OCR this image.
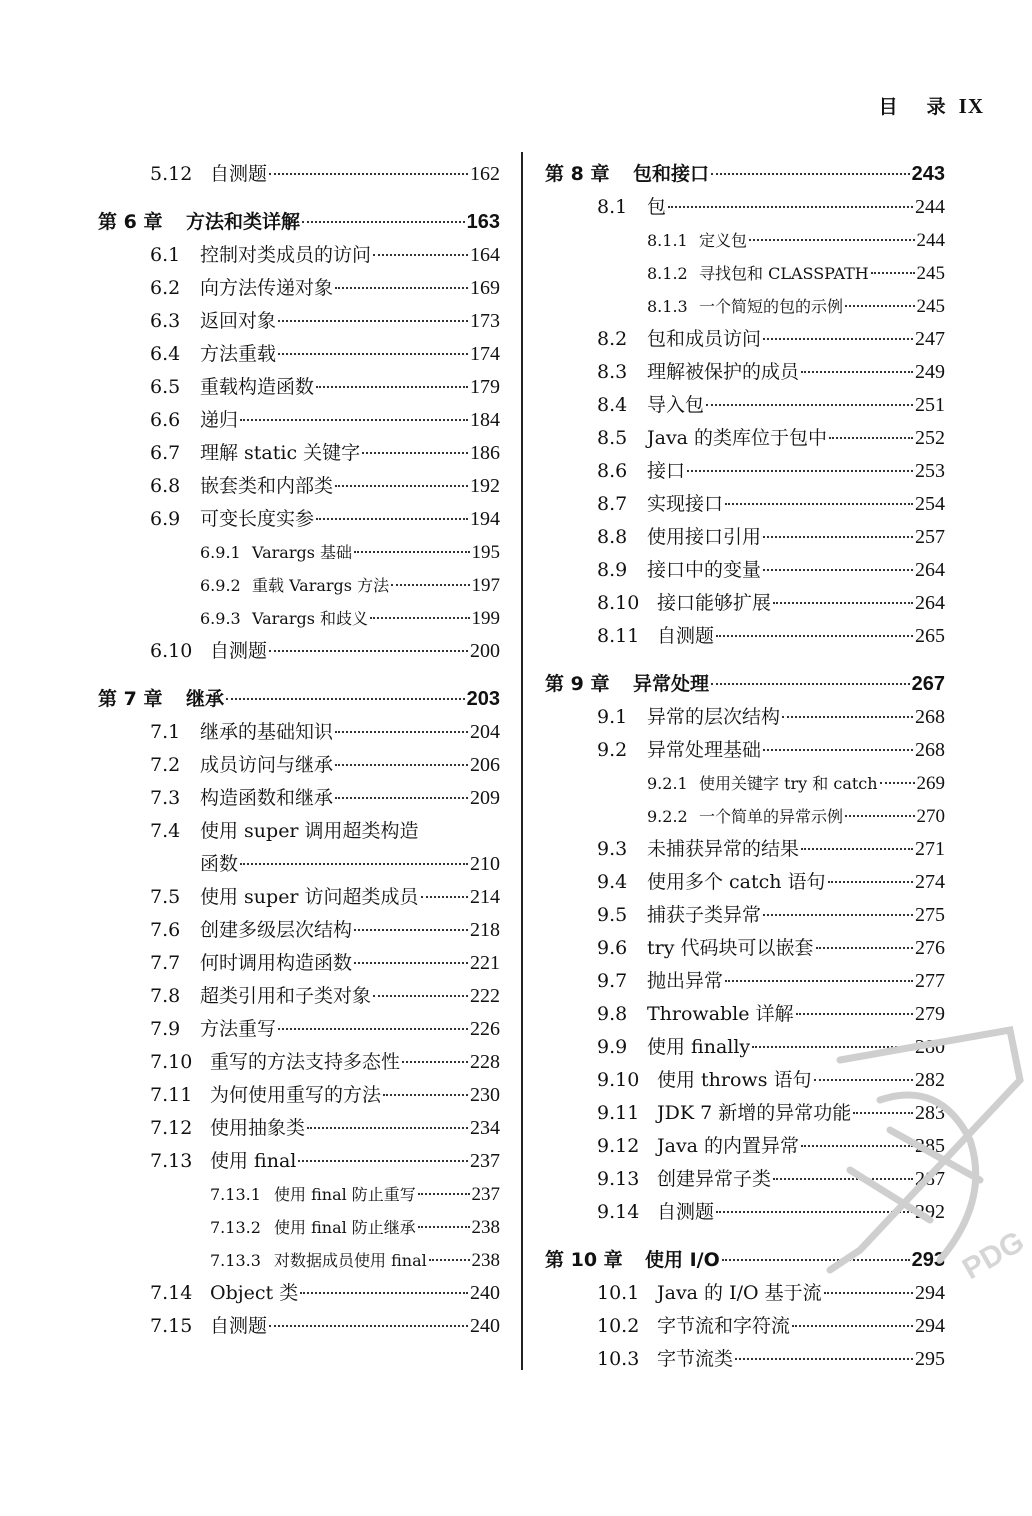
目 录 IX
5.12 自测题	162
第 6 章	方法和类详解	163
6.1	控制对类成员的访问	164
6.2	向方法传递对象	169
6.3	返回对象	173
6.4	方法重载	174
6.5	重载构造函数	179
6.6	递归	184
6.7	理解 static 关键字	186
6.8	嵌套类和内部类	192
6.9	可变长度实参	194
6.9.1 Varargs 基础	195
6.9.2 重载 Varargs 方法	197
6.9.3 Varargs 和歧义	199
6.10 自测题	200
第 7 章	继承	203
7.1	继承的基础知识	204
7.2	成员访问与继承	206
7.3	构造函数和继承	209
7.4	使用 super 调用超类构造
函数	210
7.5	使用 super 访问超类成员	214
7.6	创建多级层次结构	218
7.7	何时调用构造函数	221
7.8	超类引用和子类对象	222
7.9	方法重写	226
7.10 重写的方法支持多态性	228
7.11 为何使用重写的方法	230
7.12 使用抽象类	234
7.13 使用 final	237
7.13.1 使用 final 防止重写	237
7.13.2 使用 final 防止继承	238
7.13.3 对数据成员使用 final 238
7.14 Object 类	240
7.15 自测题	240
第 8 章	包和接口	243
8.1	包	244
8.1.1 定义包	244
8.1.2 寻找包和 CLASSPATH	245
8.1.3 一个简短的包的示例	245
8.2	包和成员访问	247
8.3	理解被保护的成员	249
8.4	导入包	251
8.5	Java 的类库位于包中	252
8.6	接口	253
8.7	实现接口	254
8.8	使用接口引用	257
8.9	接口中的变量	264
8.10 接口能够扩展	264
8.11 自测题	265
第 9 章	异常处理	267
9.1	异常的层次结构	268
9.2	异常处理基础	268
9.2.1 使用关键字 try 和 catch 269
9.2.2 一个简单的异常示例	270
9.3	未捕获异常的结果	271
9.4	使用多个 catch 语句	274
9.5	捕获子类异常	275
9.6	try 代码块可以嵌套	276
9.7	抛出异常	277
9.8	Throwable 详解	279
9.9	使用 finally	280
9.10 使用 throws 语句	282
9.11 JDK 7 新增的异常功能	283
9.12 Java 的内置异常	285
9.13 创建异常子类	287
9.14 自测题	292
第 10 章	使用 I/O	293
10.1 Java 的 I/O 基于流	294
10.2 字节流和字符流	294
10.3 字节流类	295
PDG
